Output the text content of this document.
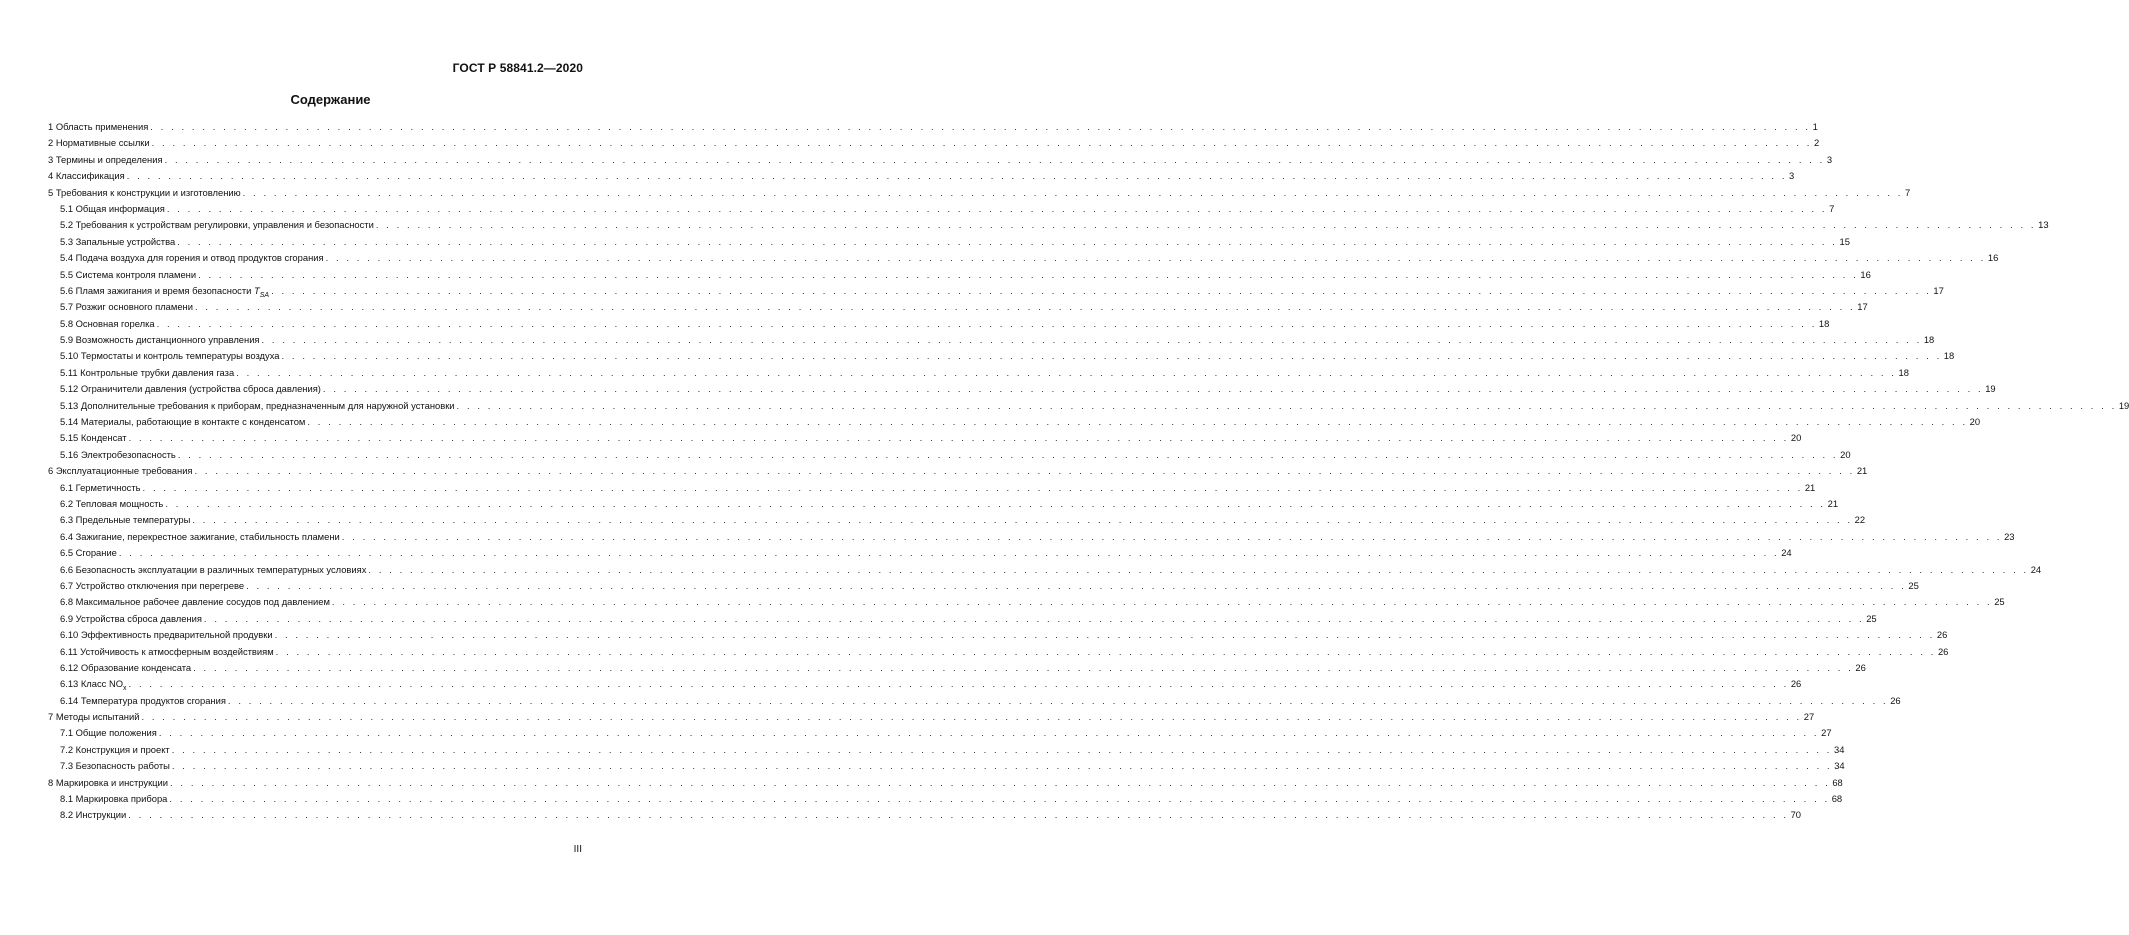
ГОСТ Р 58841.2—2020
Содержание
1 Область применения . . . . . . . . . . . . . . . . . . . . . . . . . . . . . . . . . . . . . . . . . . . . . . . . . . . . . . . . . . . . . . . . . . . . . . . . . . . . . . . . . . . . . . . . . . . . . . . . . . . . . . . . . . . . . . . . . . . . . . . . . . . . . . . . . . . . . . . . . . . . . . . . . . . . . . . . . . . . . . . . 1
2 Нормативные ссылки . . . . . . . . . . . . . . . . . . . . . . . . . . . . . . . . . . . . . . . . . . . . . . . . . . . . . . . . . . . . . . . . . . . . . . . . . . . . . . . . . . . . . . . . . . . . . . . . . . . . . . . . . . . . . . . . . . . . . . . . . . . . . . . . . . . . . . . . . . . . . . . . . . . . . . . . . . . . . . . . 2
3 Термины и определения . . . . . . . . . . . . . . . . . . . . . . . . . . . . . . . . . . . . . . . . . . . . . . . . . . . . . . . . . . . . . . . . . . . . . . . . . . . . . . . . . . . . . . . . . . . . . . . . . . . . . . . . . . . . . . . . . . . . . . . . . . . . . . . . . . . . . . . . . . . . . . . . . . . . . . . . . . . . . . . . 3
4 Классификация . . . . . . . . . . . . . . . . . . . . . . . . . . . . . . . . . . . . . . . . . . . . . . . . . . . . . . . . . . . . . . . . . . . . . . . . . . . . . . . . . . . . . . . . . . . . . . . . . . . . . . . . . . . . . . . . . . . . . . . . . . . . . . . . . . . . . . . . . . . . . . . . . . . . . . . . . . . . . . . . 3
5 Требования к конструкции и изготовлению . . . . . . . . . . . . . . . . . . . . . . . . . . . . . . . . . . . . . . . . . . . . . . . . . . . . . . . . . . . . . . . . . . . . . . . . . . . . . . . . . . . . . . . . . . . . . . . . . . . . . . . . . . . . . . . . . . . . . . . . . . . . . . . . . . . . . . . . . . . . . . . . . . . . . . . . . . . . . . . . 7
5.1 Общая информация . . . . . . . . . . . . . . . . . . . . . . . . . . . . . . . . . . . . . . . . . . . . . . . . . . . . . . . . . . . . . . . . . . . . . . . . . . . . . . . . . . . . . . . . . . . . . . . . . . . . . . . . . . . . . . . . . . . . . . . . . . . . . . . . . . . . . . . . . . . . . . . . . . . . . . . . . . . . . . . . 7
5.2 Требования к устройствам регулировки, управления и безопасности . . . . . . . . . . . . . . . . . . . . . . . . . . . . . . . . . . . . . . . . . . . . . . . . . . . . . . . . . . . . . . . . . . . . . . . . . . . . . . . . . . . . . . . . . . . . . . . . . . . . . . . . . . . . . . . . . . . . . . . . . . . . . . . . . . . . . . . . . . . . . . . . . . . . . . . . . . . . . . . . 13
5.3 Запальные устройства . . . . . . . . . . . . . . . . . . . . . . . . . . . . . . . . . . . . . . . . . . . . . . . . . . . . . . . . . . . . . . . . . . . . . . . . . . . . . . . . . . . . . . . . . . . . . . . . . . . . . . . . . . . . . . . . . . . . . . . . . . . . . . . . . . . . . . . . . . . . . . . . . . . . . . . . . . . . . . . . 15
5.4 Подача воздуха для горения и отвод продуктов сгорания . . . . . . . . . . . . . . . . . . . . . . . . . . . . . . . . . . . . . . . . . . . . . . . . . . . . . . . . . . . . . . . . . . . . . . . . . . . . . . . . . . . . . . . . . . . . . . . . . . . . . . . . . . . . . . . . . . . . . . . . . . . . . . . . . . . . . . . . . . . . . . . . . . . . . . . . . . . . . . . . 16
5.5 Система контроля пламени . . . . . . . . . . . . . . . . . . . . . . . . . . . . . . . . . . . . . . . . . . . . . . . . . . . . . . . . . . . . . . . . . . . . . . . . . . . . . . . . . . . . . . . . . . . . . . . . . . . . . . . . . . . . . . . . . . . . . . . . . . . . . . . . . . . . . . . . . . . . . . . . . . . . . . . . . . . . . . . . 16
5.6 Пламя зажигания и время безопасности $T_{SA}$ . . . . . . . . . . . . . . . . . . . . . . . . . . . . . . . . . . . . . . . . . . . . . . . . . . . . . . . . . . . . . . . . . . . . . . . . . . . . . . . . . . . . . . . . . . . . . . . . . . . . . . . . . . . . . . . . . . . . . . . . . . . . . . . . . . . . . . . . . . . . . . . . . . . . . . . . . . . . . . . . 17
5.7 Розжиг основного пламени . . . . . . . . . . . . . . . . . . . . . . . . . . . . . . . . . . . . . . . . . . . . . . . . . . . . . . . . . . . . . . . . . . . . . . . . . . . . . . . . . . . . . . . . . . . . . . . . . . . . . . . . . . . . . . . . . . . . . . . . . . . . . . . . . . . . . . . . . . . . . . . . . . . . . . . . . . . . . . . . 17
5.8 Основная горелка . . . . . . . . . . . . . . . . . . . . . . . . . . . . . . . . . . . . . . . . . . . . . . . . . . . . . . . . . . . . . . . . . . . . . . . . . . . . . . . . . . . . . . . . . . . . . . . . . . . . . . . . . . . . . . . . . . . . . . . . . . . . . . . . . . . . . . . . . . . . . . . . . . . . . . . . . . . . . . . . 18
5.9 Возможность дистанционного управления . . . . . . . . . . . . . . . . . . . . . . . . . . . . . . . . . . . . . . . . . . . . . . . . . . . . . . . . . . . . . . . . . . . . . . . . . . . . . . . . . . . . . . . . . . . . . . . . . . . . . . . . . . . . . . . . . . . . . . . . . . . . . . . . . . . . . . . . . . . . . . . . . . . . . . . . . . . . . . . . 18
5.10 Термостаты и контроль температуры воздуха . . . . . . . . . . . . . . . . . . . . . . . . . . . . . . . . . . . . . . . . . . . . . . . . . . . . . . . . . . . . . . . . . . . . . . . . . . . . . . . . . . . . . . . . . . . . . . . . . . . . . . . . . . . . . . . . . . . . . . . . . . . . . . . . . . . . . . . . . . . . . . . . . . . . . . . . . . . . . . . . 18
5.11 Контрольные трубки давления газа . . . . . . . . . . . . . . . . . . . . . . . . . . . . . . . . . . . . . . . . . . . . . . . . . . . . . . . . . . . . . . . . . . . . . . . . . . . . . . . . . . . . . . . . . . . . . . . . . . . . . . . . . . . . . . . . . . . . . . . . . . . . . . . . . . . . . . . . . . . . . . . . . . . . . . . . . . . . . . . . 18
5.12 Ограничители давления (устройства сброса давления) . . . . . . . . . . . . . . . . . . . . . . . . . . . . . . . . . . . . . . . . . . . . . . . . . . . . . . . . . . . . . . . . . . . . . . . . . . . . . . . . . . . . . . . . . . . . . . . . . . . . . . . . . . . . . . . . . . . . . . . . . . . . . . . . . . . . . . . . . . . . . . . . . . . . . . . . . . . . . . . . 19
5.13 Дополнительные требования к приборам, предназначенным для наружной установки . . . . . . . . . . . . . . . . . . . . . . . . . . . . . . . . . . . . . . . . . . . . . . . . . . . . . . . . . . . . . . . . . . . . . . . . . . . . . . . . . . . . . . . . . . . . . . . . . . . . . . . . . . . . . . . . . . . . . . . . . . . . . . . . . . . . . . . . . . . . . . . . . . . . . . . . . . . . . . . . 19
5.14 Материалы, работающие в контакте с конденсатом . . . . . . . . . . . . . . . . . . . . . . . . . . . . . . . . . . . . . . . . . . . . . . . . . . . . . . . . . . . . . . . . . . . . . . . . . . . . . . . . . . . . . . . . . . . . . . . . . . . . . . . . . . . . . . . . . . . . . . . . . . . . . . . . . . . . . . . . . . . . . . . . . . . . . . . . . . . . . . . . 20
5.15 Конденсат . . . . . . . . . . . . . . . . . . . . . . . . . . . . . . . . . . . . . . . . . . . . . . . . . . . . . . . . . . . . . . . . . . . . . . . . . . . . . . . . . . . . . . . . . . . . . . . . . . . . . . . . . . . . . . . . . . . . . . . . . . . . . . . . . . . . . . . . . . . . . . . . . . . . . . . . . . . . . . . . 20
5.16 Электробезопасность . . . . . . . . . . . . . . . . . . . . . . . . . . . . . . . . . . . . . . . . . . . . . . . . . . . . . . . . . . . . . . . . . . . . . . . . . . . . . . . . . . . . . . . . . . . . . . . . . . . . . . . . . . . . . . . . . . . . . . . . . . . . . . . . . . . . . . . . . . . . . . . . . . . . . . . . . . . . . . . . 20
6 Эксплуатационные требования . . . . . . . . . . . . . . . . . . . . . . . . . . . . . . . . . . . . . . . . . . . . . . . . . . . . . . . . . . . . . . . . . . . . . . . . . . . . . . . . . . . . . . . . . . . . . . . . . . . . . . . . . . . . . . . . . . . . . . . . . . . . . . . . . . . . . . . . . . . . . . . . . . . . . . . . . . . . . . . . 21
6.1 Герметичность . . . . . . . . . . . . . . . . . . . . . . . . . . . . . . . . . . . . . . . . . . . . . . . . . . . . . . . . . . . . . . . . . . . . . . . . . . . . . . . . . . . . . . . . . . . . . . . . . . . . . . . . . . . . . . . . . . . . . . . . . . . . . . . . . . . . . . . . . . . . . . . . . . . . . . . . . . . . . . . . 21
6.2 Тепловая мощность . . . . . . . . . . . . . . . . . . . . . . . . . . . . . . . . . . . . . . . . . . . . . . . . . . . . . . . . . . . . . . . . . . . . . . . . . . . . . . . . . . . . . . . . . . . . . . . . . . . . . . . . . . . . . . . . . . . . . . . . . . . . . . . . . . . . . . . . . . . . . . . . . . . . . . . . . . . . . . . . 21
6.3 Предельные температуры . . . . . . . . . . . . . . . . . . . . . . . . . . . . . . . . . . . . . . . . . . . . . . . . . . . . . . . . . . . . . . . . . . . . . . . . . . . . . . . . . . . . . . . . . . . . . . . . . . . . . . . . . . . . . . . . . . . . . . . . . . . . . . . . . . . . . . . . . . . . . . . . . . . . . . . . . . . . . . . . 22
6.4 Зажигание, перекрестное зажигание, стабильность пламени . . . . . . . . . . . . . . . . . . . . . . . . . . . . . . . . . . . . . . . . . . . . . . . . . . . . . . . . . . . . . . . . . . . . . . . . . . . . . . . . . . . . . . . . . . . . . . . . . . . . . . . . . . . . . . . . . . . . . . . . . . . . . . . . . . . . . . . . . . . . . . . . . . . . . . . . . . . . . . . . 23
6.5 Сгорание . . . . . . . . . . . . . . . . . . . . . . . . . . . . . . . . . . . . . . . . . . . . . . . . . . . . . . . . . . . . . . . . . . . . . . . . . . . . . . . . . . . . . . . . . . . . . . . . . . . . . . . . . . . . . . . . . . . . . . . . . . . . . . . . . . . . . . . . . . . . . . . . . . . . . . . . . . . . . . . . 24
6.6 Безопасность эксплуатации в различных температурных условиях . . . . . . . . . . . . . . . . . . . . . . . . . . . . . . . . . . . . . . . . . . . . . . . . . . . . . . . . . . . . . . . . . . . . . . . . . . . . . . . . . . . . . . . . . . . . . . . . . . . . . . . . . . . . . . . . . . . . . . . . . . . . . . . . . . . . . . . . . . . . . . . . . . . . . . . . . . . . . . . . 24
6.7 Устройство отключения при перегреве . . . . . . . . . . . . . . . . . . . . . . . . . . . . . . . . . . . . . . . . . . . . . . . . . . . . . . . . . . . . . . . . . . . . . . . . . . . . . . . . . . . . . . . . . . . . . . . . . . . . . . . . . . . . . . . . . . . . . . . . . . . . . . . . . . . . . . . . . . . . . . . . . . . . . . . . . . . . . . . . 25
6.8 Максимальное рабочее давление сосудов под давлением . . . . . . . . . . . . . . . . . . . . . . . . . . . . . . . . . . . . . . . . . . . . . . . . . . . . . . . . . . . . . . . . . . . . . . . . . . . . . . . . . . . . . . . . . . . . . . . . . . . . . . . . . . . . . . . . . . . . . . . . . . . . . . . . . . . . . . . . . . . . . . . . . . . . . . . . . . . . . . . . 25
6.9 Устройства сброса давления . . . . . . . . . . . . . . . . . . . . . . . . . . . . . . . . . . . . . . . . . . . . . . . . . . . . . . . . . . . . . . . . . . . . . . . . . . . . . . . . . . . . . . . . . . . . . . . . . . . . . . . . . . . . . . . . . . . . . . . . . . . . . . . . . . . . . . . . . . . . . . . . . . . . . . . . . . . . . . . . 25
6.10 Эффективность предварительной продувки . . . . . . . . . . . . . . . . . . . . . . . . . . . . . . . . . . . . . . . . . . . . . . . . . . . . . . . . . . . . . . . . . . . . . . . . . . . . . . . . . . . . . . . . . . . . . . . . . . . . . . . . . . . . . . . . . . . . . . . . . . . . . . . . . . . . . . . . . . . . . . . . . . . . . . . . . . . . . . . . 26
6.11 Устойчивость к атмосферным воздействиям . . . . . . . . . . . . . . . . . . . . . . . . . . . . . . . . . . . . . . . . . . . . . . . . . . . . . . . . . . . . . . . . . . . . . . . . . . . . . . . . . . . . . . . . . . . . . . . . . . . . . . . . . . . . . . . . . . . . . . . . . . . . . . . . . . . . . . . . . . . . . . . . . . . . . . . . . . . . . . . . 26
6.12 Образование конденсата . . . . . . . . . . . . . . . . . . . . . . . . . . . . . . . . . . . . . . . . . . . . . . . . . . . . . . . . . . . . . . . . . . . . . . . . . . . . . . . . . . . . . . . . . . . . . . . . . . . . . . . . . . . . . . . . . . . . . . . . . . . . . . . . . . . . . . . . . . . . . . . . . . . . . . . . . . . . . . . . 26
6.13 Класс $NO_x$ . . . . . . . . . . . . . . . . . . . . . . . . . . . . . . . . . . . . . . . . . . . . . . . . . . . . . . . . . . . . . . . . . . . . . . . . . . . . . . . . . . . . . . . . . . . . . . . . . . . . . . . . . . . . . . . . . . . . . . . . . . . . . . . . . . . . . . . . . . . . . . . . . . . . . . . . . . . . . . . . 26
6.14 Температура продуктов сгорания . . . . . . . . . . . . . . . . . . . . . . . . . . . . . . . . . . . . . . . . . . . . . . . . . . . . . . . . . . . . . . . . . . . . . . . . . . . . . . . . . . . . . . . . . . . . . . . . . . . . . . . . . . . . . . . . . . . . . . . . . . . . . . . . . . . . . . . . . . . . . . . . . . . . . . . . . . . . . . . . 26
7 Методы испытаний . . . . . . . . . . . . . . . . . . . . . . . . . . . . . . . . . . . . . . . . . . . . . . . . . . . . . . . . . . . . . . . . . . . . . . . . . . . . . . . . . . . . . . . . . . . . . . . . . . . . . . . . . . . . . . . . . . . . . . . . . . . . . . . . . . . . . . . . . . . . . . . . . . . . . . . . . . . . . . . . 27
7.1 Общие положения . . . . . . . . . . . . . . . . . . . . . . . . . . . . . . . . . . . . . . . . . . . . . . . . . . . . . . . . . . . . . . . . . . . . . . . . . . . . . . . . . . . . . . . . . . . . . . . . . . . . . . . . . . . . . . . . . . . . . . . . . . . . . . . . . . . . . . . . . . . . . . . . . . . . . . . . . . . . . . . . 27
7.2 Конструкция и проект . . . . . . . . . . . . . . . . . . . . . . . . . . . . . . . . . . . . . . . . . . . . . . . . . . . . . . . . . . . . . . . . . . . . . . . . . . . . . . . . . . . . . . . . . . . . . . . . . . . . . . . . . . . . . . . . . . . . . . . . . . . . . . . . . . . . . . . . . . . . . . . . . . . . . . . . . . . . . . . . 34
7.3 Безопасность работы . . . . . . . . . . . . . . . . . . . . . . . . . . . . . . . . . . . . . . . . . . . . . . . . . . . . . . . . . . . . . . . . . . . . . . . . . . . . . . . . . . . . . . . . . . . . . . . . . . . . . . . . . . . . . . . . . . . . . . . . . . . . . . . . . . . . . . . . . . . . . . . . . . . . . . . . . . . . . . . . 34
8 Маркировка и инструкции . . . . . . . . . . . . . . . . . . . . . . . . . . . . . . . . . . . . . . . . . . . . . . . . . . . . . . . . . . . . . . . . . . . . . . . . . . . . . . . . . . . . . . . . . . . . . . . . . . . . . . . . . . . . . . . . . . . . . . . . . . . . . . . . . . . . . . . . . . . . . . . . . . . . . . . . . . . . . . . . 68
8.1 Маркировка прибора . . . . . . . . . . . . . . . . . . . . . . . . . . . . . . . . . . . . . . . . . . . . . . . . . . . . . . . . . . . . . . . . . . . . . . . . . . . . . . . . . . . . . . . . . . . . . . . . . . . . . . . . . . . . . . . . . . . . . . . . . . . . . . . . . . . . . . . . . . . . . . . . . . . . . . . . . . . . . . . . 68
8.2 Инструкции . . . . . . . . . . . . . . . . . . . . . . . . . . . . . . . . . . . . . . . . . . . . . . . . . . . . . . . . . . . . . . . . . . . . . . . . . . . . . . . . . . . . . . . . . . . . . . . . . . . . . . . . . . . . . . . . . . . . . . . . . . . . . . . . . . . . . . . . . . . . . . . . . . . . . . . . . . . . . . . . 70
III
